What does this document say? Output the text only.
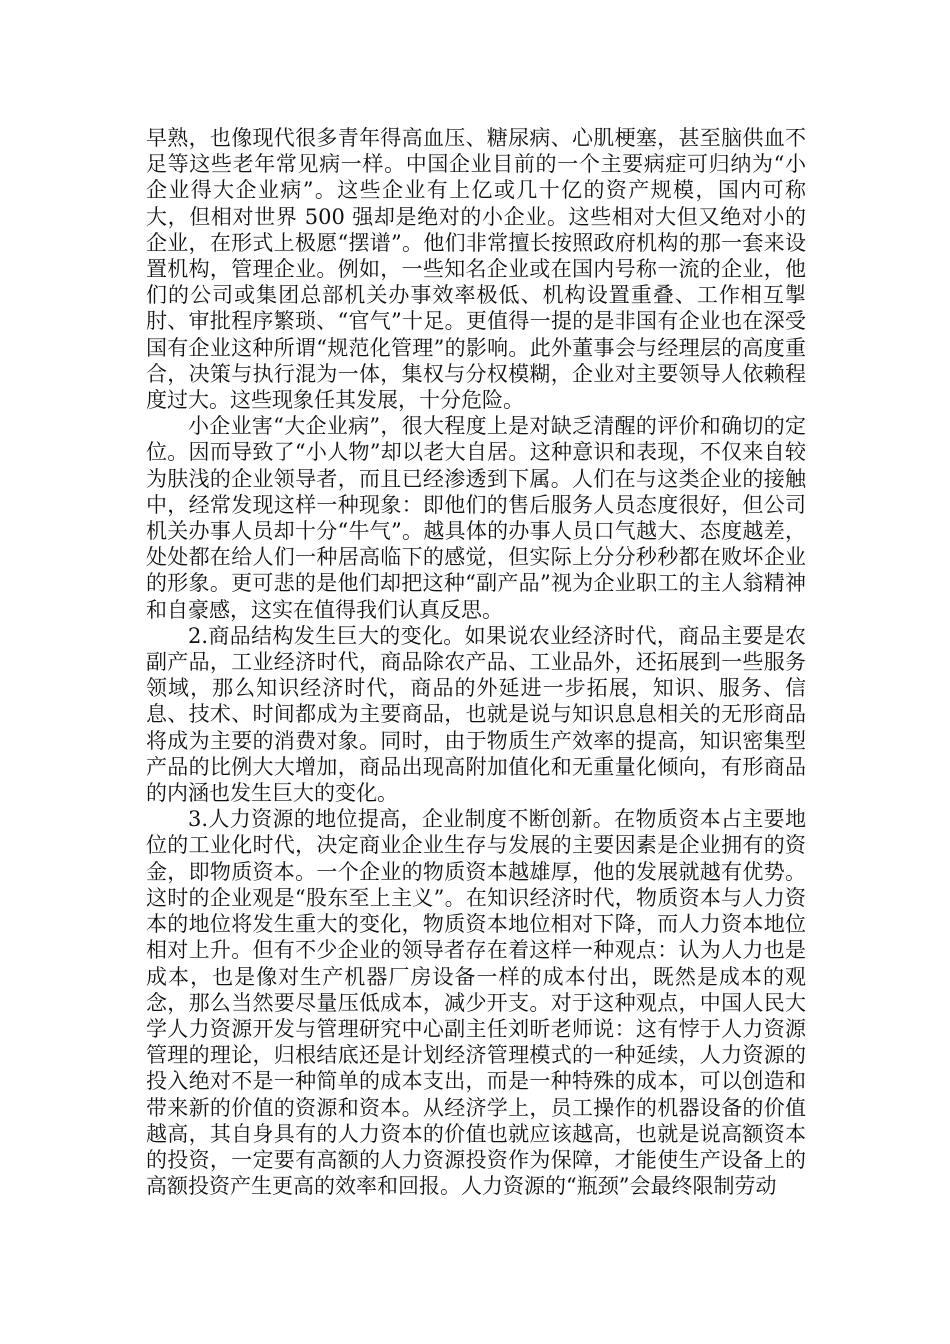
早熟，也像现代很多青年得高血压、糖尿病、心肌梗塞，甚至脑供血不足等这些老年常见病一样。中国企业目前的一个主要病症可归纳为“小企业得大企业病”。这些企业有上亿或几十亿的资产规模，国内可称大，但相对世界 500 强却是绝对的小企业。这些相对大但又绝对小的企业，在形式上极愿“摆谱”。他们非常擅长按照政府机构的那一套来设置机构，管理企业。例如，一些知名企业或在国内号称一流的企业，他们的公司或集团总部机关办事效率极低、机构设置重叠、工作相互掣肘、审批程序繁琐、“官气”十足。更值得一提的是非国有企业也在深受国有企业这种所谓“规范化管理”的影响。此外董事会与经理层的高度重合，决策与执行混为一体，集权与分权模糊，企业对主要领导人依赖程度过大。这些现象任其发展，十分危险。

小企业害“大企业病”，很大程度上是对缺乏清醒的评价和确切的定位。因而导致了“小人物”却以老大自居。这种意识和表现，不仅来自较为肤浅的企业领导者，而且已经渗透到下属。人们在与这类企业的接触中，经常发现这样一种现象：即他们的售后服务人员态度很好，但公司机关办事人员却十分“牛气”。越具体的办事人员口气越大、态度越差，处处都在给人们一种居高临下的感觉，但实际上分分秒秒都在败坏企业的形象。更可悲的是他们却把这种“副产品”视为企业职工的主人翁精神和自豪感，这实在值得我们认真反思。

2.商品结构发生巨大的变化。如果说农业经济时代，商品主要是农副产品，工业经济时代，商品除农产品、工业品外，还拓展到一些服务领域，那么知识经济时代，商品的外延进一步拓展，知识、服务、信息、技术、时间都成为主要商品，也就是说与知识息息相关的无形商品将成为主要的消费对象。同时，由于物质生产效率的提高，知识密集型产品的比例大大增加，商品出现高附加值化和无重量化倾向，有形商品的内涵也发生巨大的变化。

3.人力资源的地位提高，企业制度不断创新。在物质资本占主要地位的工业化时代，决定商业企业生存与发展的主要因素是企业拥有的资金，即物质资本。一个企业的物质资本越雄厚，他的发展就越有优势。这时的企业观是“股东至上主义”。在知识经济时代，物质资本与人力资本的地位将发生重大的变化，物质资本地位相对下降，而人力资本地位相对上升。但有不少企业的领导者存在着这样一种观点：认为人力也是成本，也是像对生产机器厂房设备一样的成本付出，既然是成本的观念，那么当然要尽量压低成本，减少开支。对于这种观点，中国人民大学人力资源开发与管理研究中心副主任刘昕老师说：这有悖于人力资源管理的理论，归根结底还是计划经济管理模式的一种延续，人力资源的投入绝对不是一种简单的成本支出，而是一种特殊的成本，可以创造和带来新的价值的资源和资本。从经济学上，员工操作的机器设备的价值越高，其自身具有的人力资本的价值也就应该越高，也就是说高额资本的投资，一定要有高额的人力资源投资作为保障，才能使生产设备上的高额投资产生更高的效率和回报。人力资源的“瓶颈”会最终限制劳动
